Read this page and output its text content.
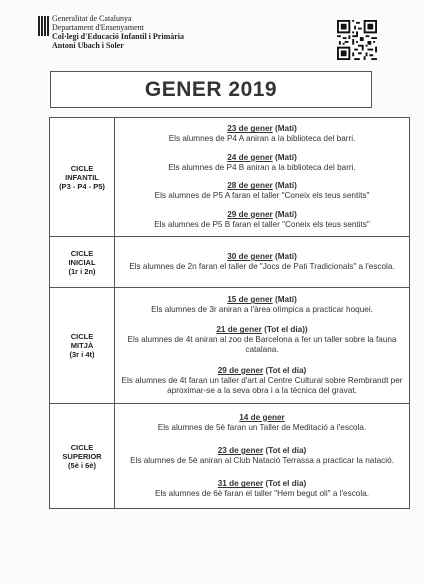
Generalitat de Catalunya
Departament d'Ensenyament
Col·legi d'Educació Infantil i Primària
Antoni Ubach i Soler
GENER 2019
CICLE
INFANTIL
(P3 - P4 - P5)
23 de gener (Matí)
Els alumnes de P4 A aniran a la biblioteca del barri.
24 de gener (Matí)
Els alumnes de P4 B aniran a la biblioteca del barri.
28 de gener (Matí)
Els alumnes de P5 A faran el taller "Coneix els teus sentits"
29 de gener (Matí)
Els alumnes de P5 B faran el taller "Coneix els teus sentits"
CICLE
INICIAL
(1r i 2n)
30 de gener (Matí)
Els alumnes de 2n faran el taller de "Jocs de Pati Tradicionals" a l'escola.
CICLE
MITJÀ
(3r i 4t)
15 de gener (Matí)
Els alumnes de 3r aniran a l'àrea olímpica a practicar hoquei.
21 de gener (Tot el dia))
Els alumnes de 4t aniran al zoo de Barcelona a fer un taller sobre la fauna catalana.
29 de gener (Tot el dia)
Els alumnes de 4t faran un taller d'art al Centre Cultural sobre Rembrandt per aproximar-se a la seva obra i a la tècnica del gravat.
CICLE
SUPERIOR
(5è i 6è)
14 de gener
Els alumnes de 5è faran un Taller de Meditació a l'escola.
23 de gener (Tot el dia)
Els alumnes de 5è aniran al Club Natació Terrassa a practicar la natació.
31 de gener (Tot el dia)
Els alumnes de 6è faran el taller "Hem begut oli" a l'escola.
